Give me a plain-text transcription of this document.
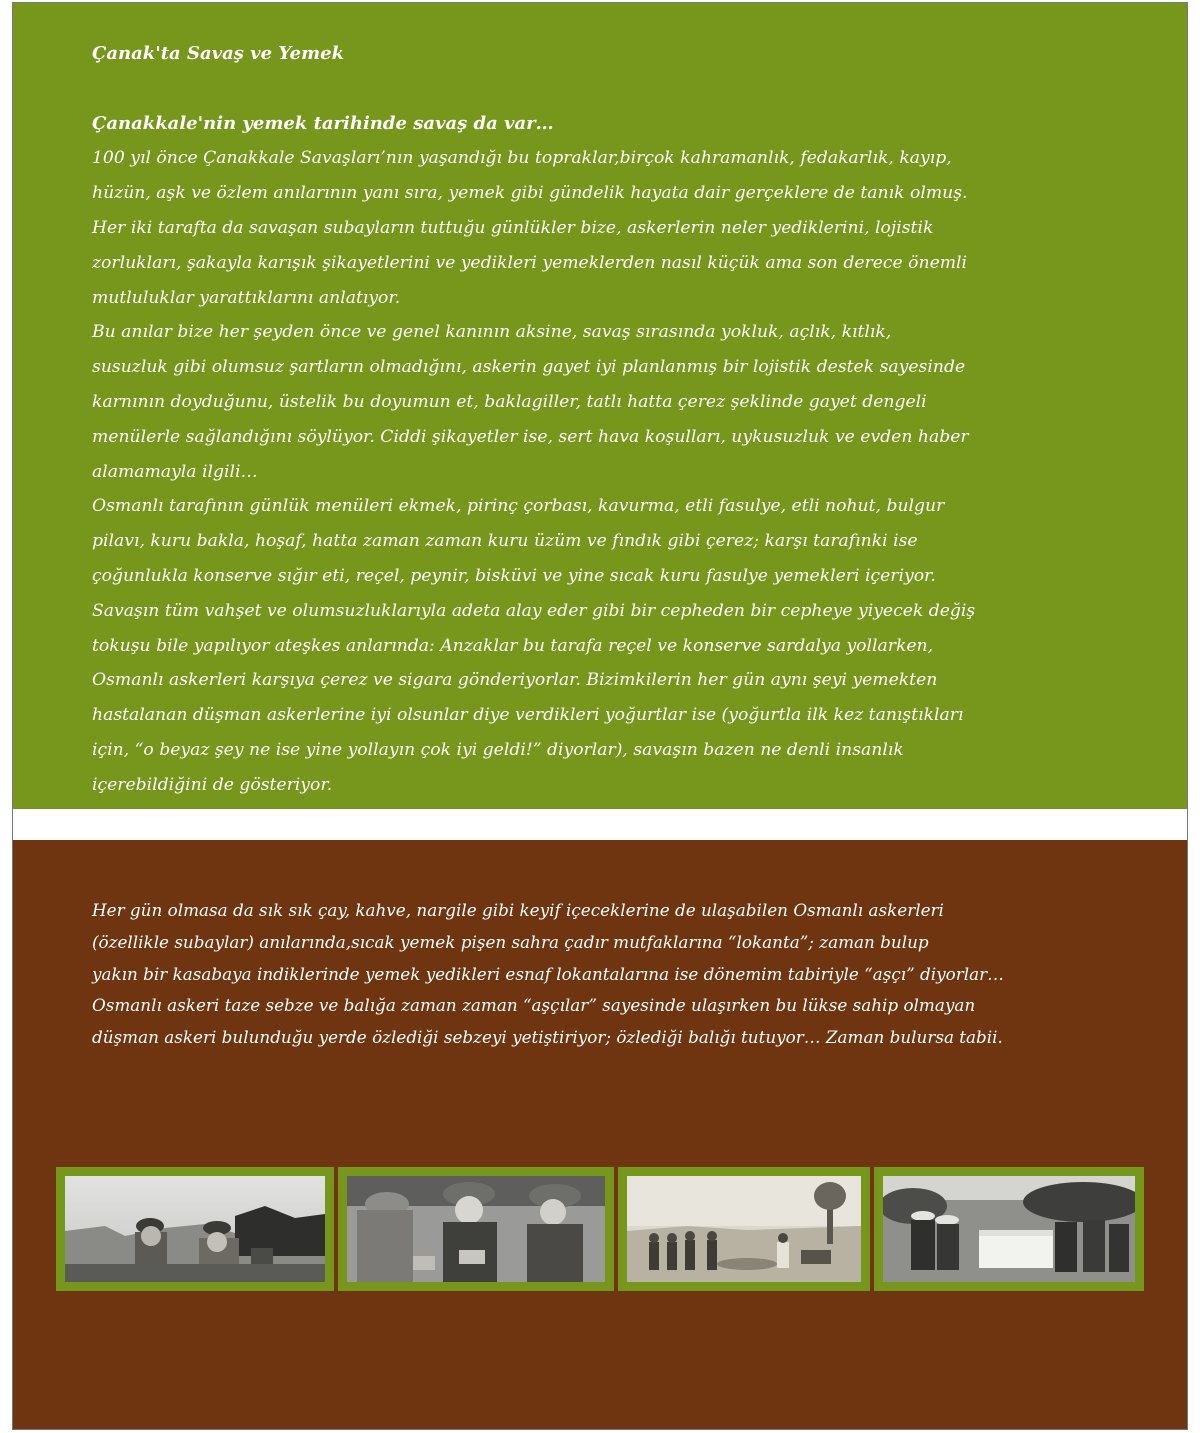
Çanak'ta Savaş ve Yemek

Çanakkale'nin yemek tarihinde savaş da var…

100 yıl önce Çanakkale Savaşları’nın yaşandığı bu topraklar,birçok kahramanlık, fedakarlık, kayıp,

hüzün, aşk ve özlem anılarının yanı sıra, yemek gibi gündelik hayata dair gerçeklere de tanık olmuş.

Her iki tarafta da savaşan subayların tuttuğu günlükler bize, askerlerin neler yediklerini, lojistik

zorlukları, şakayla karışık şikayetlerini ve yedikleri yemeklerden nasıl küçük ama son derece önemli

mutluluklar yarattıklarını anlatıyor.

Bu anılar bize her şeyden önce ve genel kanının aksine, savaş sırasında yokluk, açlık, kıtlık,

susuzluk gibi olumsuz şartların olmadığını, askerin gayet iyi planlanmış bir lojistik destek sayesinde

karnının doyduğunu, üstelik bu doyumun et, baklagiller, tatlı hatta çerez şeklinde gayet dengeli

menülerle sağlandığını söylüyor. Ciddi şikayetler ise, sert hava koşulları, uykusuzluk ve evden haber

alamamayla ilgili…

Osmanlı tarafının günlük menüleri ekmek, pirinç çorbası, kavurma, etli fasulye, etli nohut, bulgur

pilavı, kuru bakla, hoşaf, hatta zaman zaman kuru üzüm ve fındık gibi çerez; karşı tarafınki ise

çoğunlukla konserve sığır eti, reçel, peynir, bisküvi ve yine sıcak kuru fasulye yemekleri içeriyor.

Savaşın tüm vahşet ve olumsuzluklarıyla adeta alay eder gibi bir cepheden bir cepheye yiyecek değiş

tokuşu bile yapılıyor ateşkes anlarında: Anzaklar bu tarafa reçel ve konserve sardalya yollarken,

Osmanlı askerleri karşıya çerez ve sigara gönderiyorlar. Bizimkilerin her gün aynı şeyi yemekten

hastalanan düşman askerlerine iyi olsunlar diye verdikleri yoğurtlar ise (yoğurtla ilk kez tanıştıkları

için, “o beyaz şey ne ise yine yollayın çok iyi geldi!” diyorlar), savaşın bazen ne denli insanlık

içerebildiğini de gösteriyor.

Her gün olmasa da sık sık çay, kahve, nargile gibi keyif içeceklerine de ulaşabilen Osmanlı askerleri

(özellikle subaylar) anılarında,sıcak yemek pişen sahra çadır mutfaklarına “lokanta”; zaman bulup

yakın bir kasabaya indiklerinde yemek yedikleri esnaf lokantalarına ise dönemim tabiriyle “aşçı” diyorlar…

Osmanlı askeri taze sebze ve balığa zaman zaman “aşçılar” sayesinde ulaşırken bu lükse sahip olmayan

düşman askeri bulunduğu yerde özlediği sebzeyi yetiştiriyor; özlediği balığı tutuyor… Zaman bulursa tabii.
